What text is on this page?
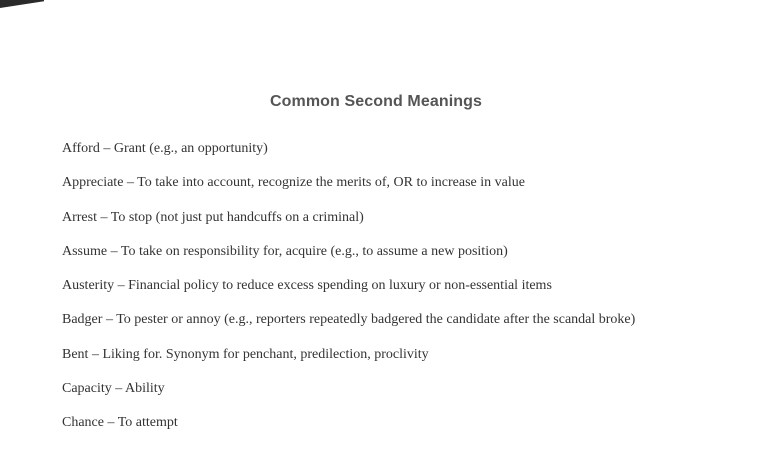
Common Second Meanings
Afford – Grant (e.g., an opportunity)
Appreciate – To take into account, recognize the merits of, OR to increase in value
Arrest – To stop (not just put handcuffs on a criminal)
Assume – To take on responsibility for, acquire (e.g., to assume a new position)
Austerity – Financial policy to reduce excess spending on luxury or non-essential items
Badger – To pester or annoy (e.g., reporters repeatedly badgered the candidate after the scandal broke)
Bent – Liking for. Synonym for penchant, predilection, proclivity
Capacity – Ability
Chance – To attempt
